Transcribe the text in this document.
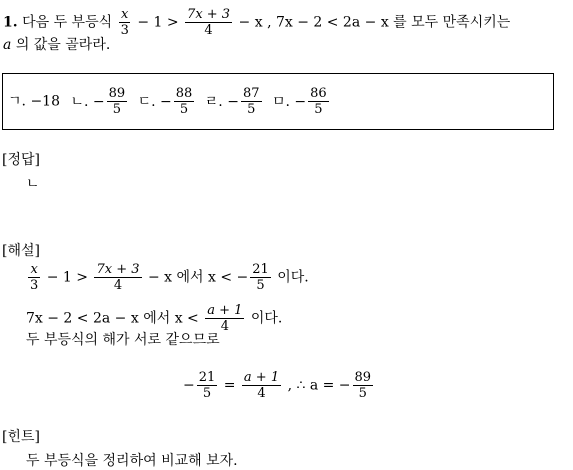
1. 다음 두 부등식 $\frac{x}{3} - 1 > \frac{7x + 3}{4} - x$ , 7x − 2 < 2a − x 를 모두 만족시키는
a 의 값을 골라라.
ㄱ. −18 ㄴ. − $\frac{89}{5}$ ㄷ. − $\frac{88}{5}$ ㄹ. − $\frac{87}{5}$ ㅁ. − $\frac{86}{5}$
[정답]
ㄴ
[해설]
$\frac{x}{3} - 1 > \frac{7x + 3}{4} - x$ 에서 x < − $\frac{21}{5}$ 이다.
7x − 2 < 2a − x 에서 $x < \frac{a + 1}{4}$ 이다.
두 부등식의 해가 서로 같으므로
− $\frac{21}{5} = \frac{a + 1}{4}$ , ∴ a = − $\frac{89}{5}$
[힌트]
두 부등식을 정리하여 비교해 보자.
